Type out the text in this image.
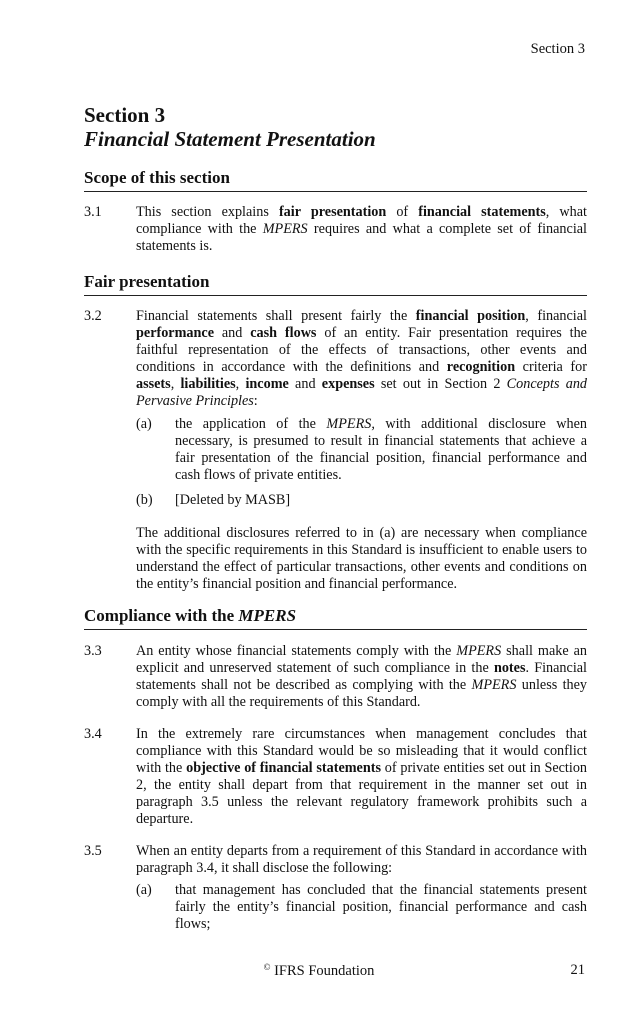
Section 3
Section 3
Financial Statement Presentation
Scope of this section
3.1 This section explains fair presentation of financial statements, what compliance with the MPERS requires and what a complete set of financial statements is.
Fair presentation
3.2 Financial statements shall present fairly the financial position, financial performance and cash flows of an entity. Fair presentation requires the faithful representation of the effects of transactions, other events and conditions in accordance with the definitions and recognition criteria for assets, liabilities, income and expenses set out in Section 2 Concepts and Pervasive Principles:
(a) the application of the MPERS, with additional disclosure when necessary, is presumed to result in financial statements that achieve a fair presentation of the financial position, financial performance and cash flows of private entities.
(b) [Deleted by MASB]
The additional disclosures referred to in (a) are necessary when compliance with the specific requirements in this Standard is insufficient to enable users to understand the effect of particular transactions, other events and conditions on the entity’s financial position and financial performance.
Compliance with the MPERS
3.3 An entity whose financial statements comply with the MPERS shall make an explicit and unreserved statement of such compliance in the notes. Financial statements shall not be described as complying with the MPERS unless they comply with all the requirements of this Standard.
3.4 In the extremely rare circumstances when management concludes that compliance with this Standard would be so misleading that it would conflict with the objective of financial statements of private entities set out in Section 2, the entity shall depart from that requirement in the manner set out in paragraph 3.5 unless the relevant regulatory framework prohibits such a departure.
3.5 When an entity departs from a requirement of this Standard in accordance with paragraph 3.4, it shall disclose the following:
(a) that management has concluded that the financial statements present fairly the entity’s financial position, financial performance and cash flows;
© IFRS Foundation	21
